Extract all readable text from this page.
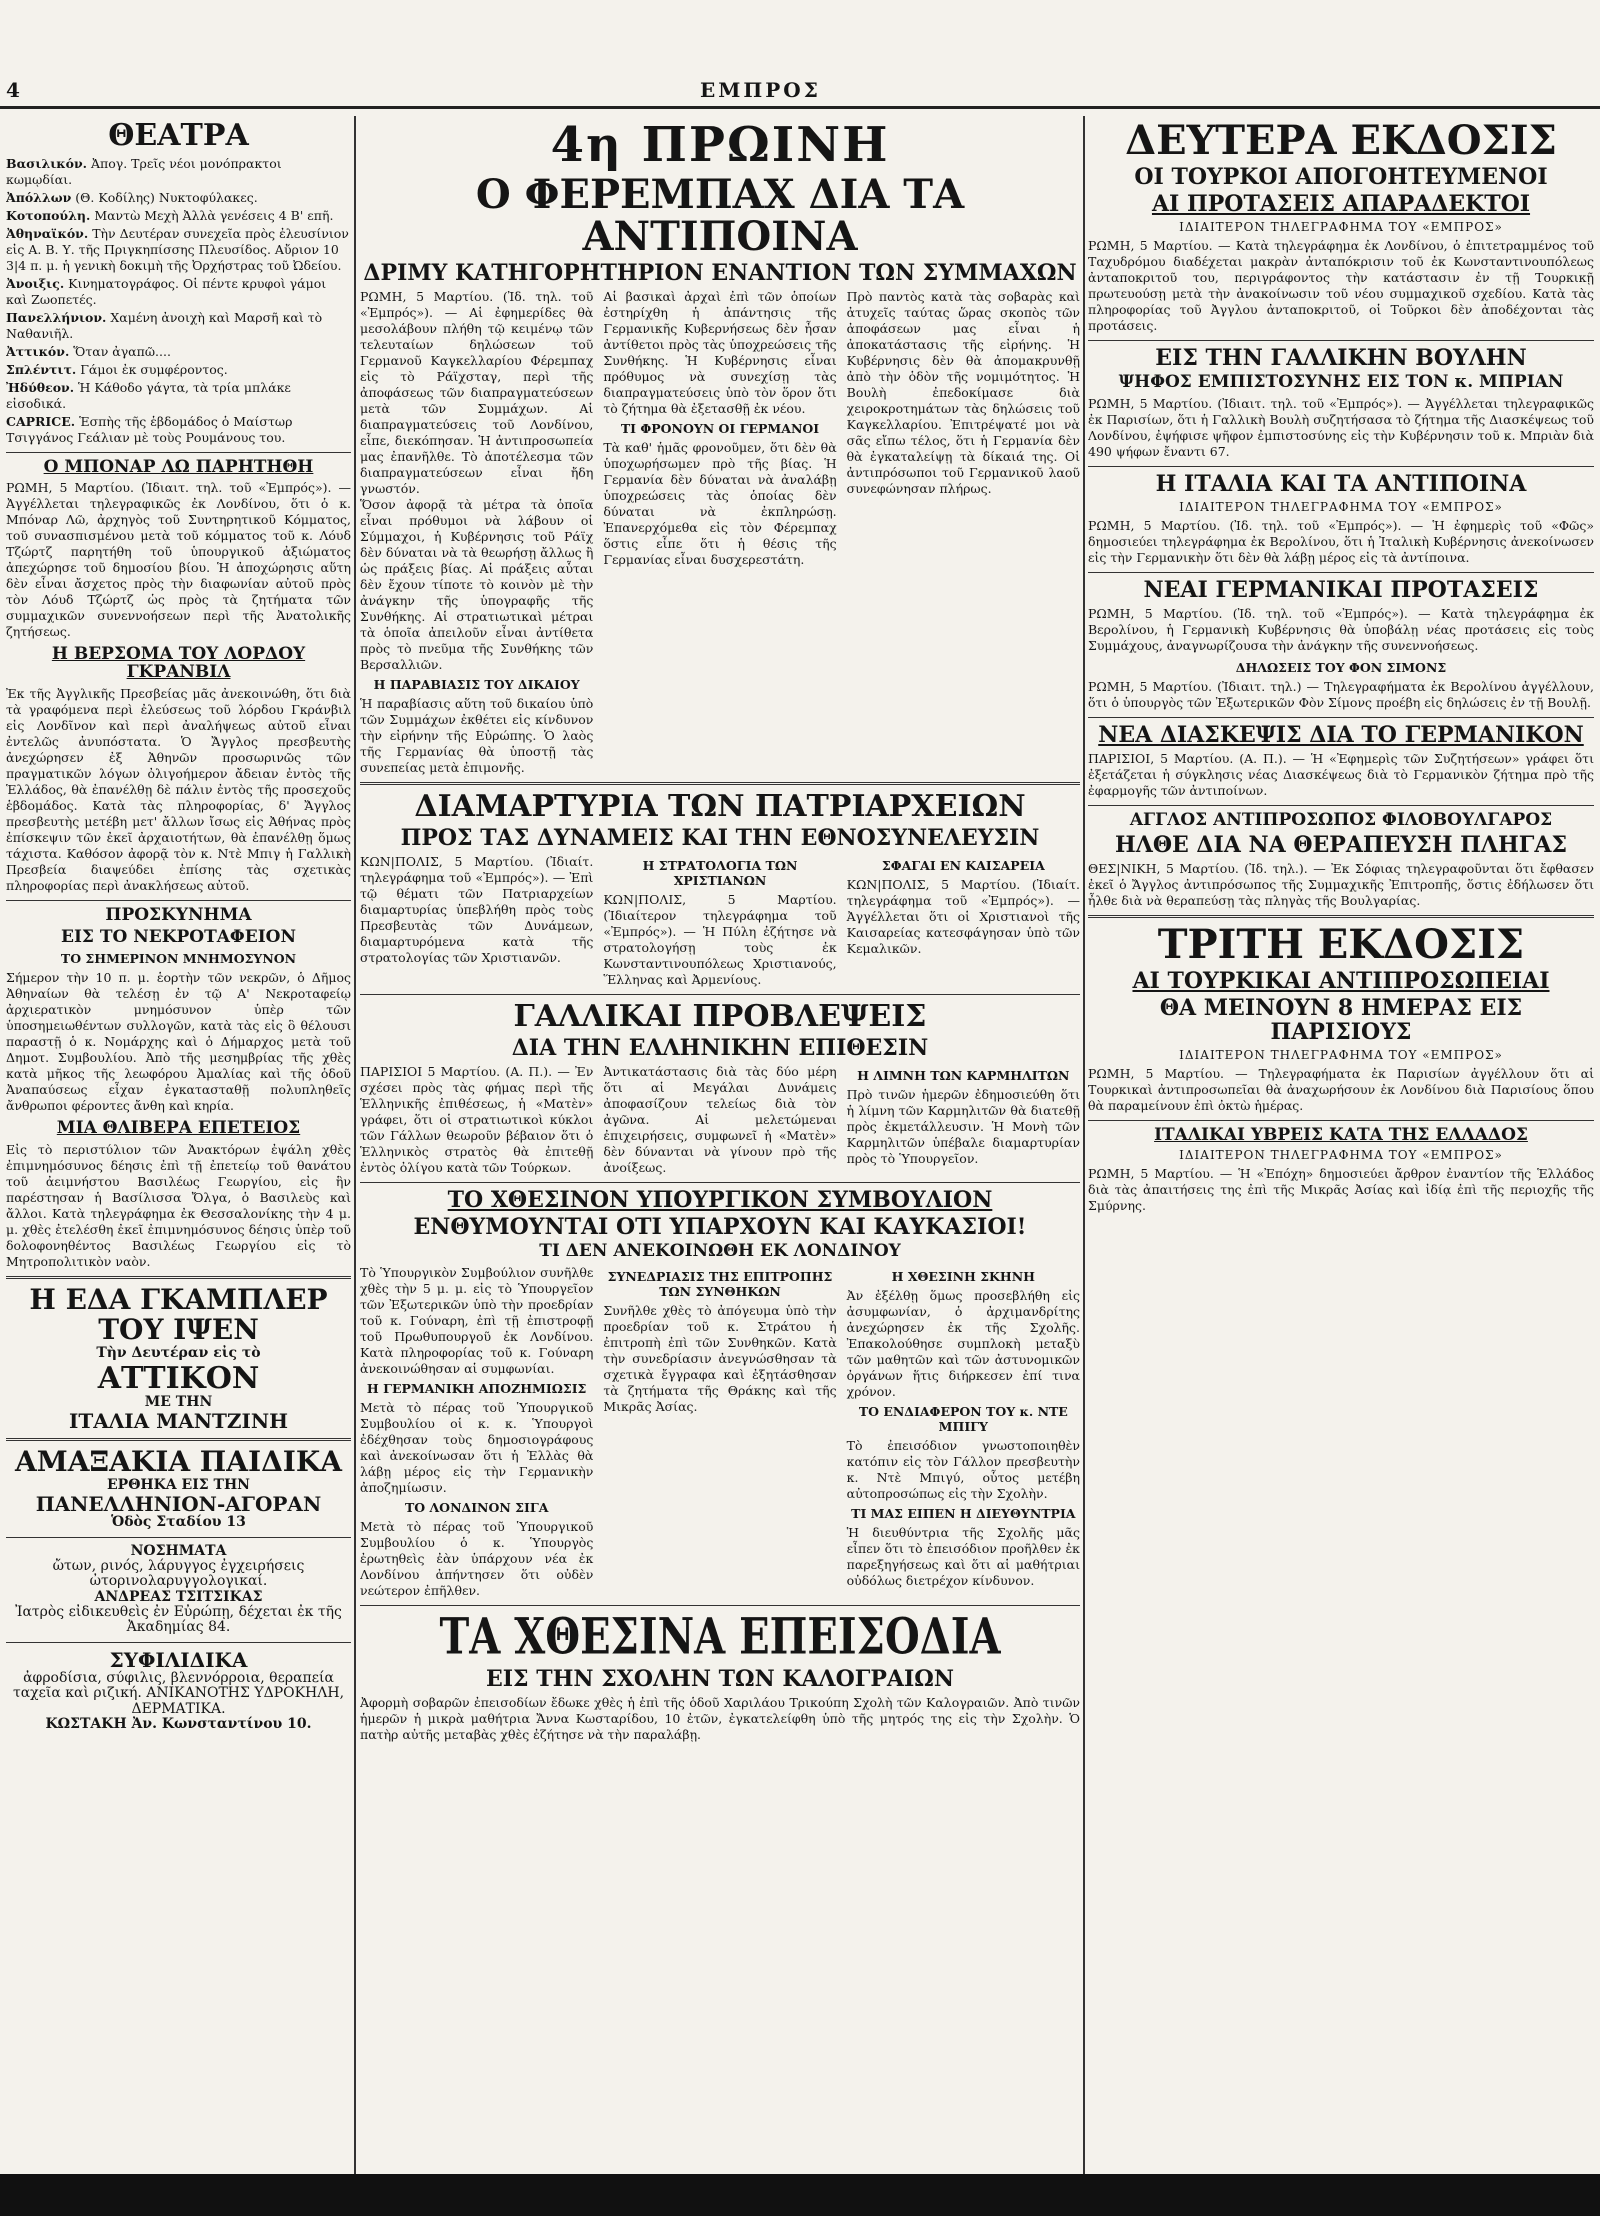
4	ΕΜΠΡΟΣ
ΘΕΑΤΡΑ

Βασιλικόν. Ἀπογ. Τρεῖς νέοι μονόπρακτοι κωμῳδίαι.

Ἀπόλλων (Θ. Κοδίλης) Νυκτοφύλακες.

Κοτοπούλη. Μαντὼ Μεχὴ Ἀλλὰ γενέσεις 4 Β' επῆ.

Ἀθηναϊκόν. Τὴν Δευτέραν συνεχεῖα πρὸς ἐλευσίνιον εἰς Α. Β. Υ. τῆς Πριγκηπίσσης Πλευσίδος. Αὔριον 10 3|4 π. μ. ἡ γενικὴ δοκιμὴ τῆς Ὀρχήστρας τοῦ Ὠδείου.

Ἀνοιξις. Κινηματογράφος. Οἱ πέντε κρυφοὶ γάμοι καὶ Ζωοπετές.

Πανελλήνιον. Χαμένη ἀνοιχὴ καὶ Μαρσῆ καὶ τὸ Ναθανιῆλ.

Ἀττικόν. Ὅταν ἀγαπῶ....

Σπλέντιτ. Γάμοι ἐκ συμφέροντος.

Ἠδύθεον. Ἡ Κάθοδο γάγτα, τὰ τρία μπλάκε εἰσοδικά.

CAPRICE. Ἑσπὴς τῆς ἑβδομάδος ὁ Μαίστωρ Τσιγγάνος Γεάλιαν μὲ τοὺς Ρουμάνους του.

Ο ΜΠΟΝΑΡ ΛΩ ΠΑΡΗΤΗΘΗ

ΡΩΜΗ, 5 Μαρτίου. (Ἰδιαιτ. τηλ. τοῦ «Ἐμπρός»). — Ἀγγέλλεται τηλεγραφικῶς ἐκ Λονδίνου, ὅτι ὁ κ. Μπόναρ Λῶ, ἀρχηγὸς τοῦ Συντηρητικοῦ Κόμματος, τοῦ συνασπισμένου μετὰ τοῦ κόμματος τοῦ κ. Λόυδ Τζώρτζ παρητήθη τοῦ ὑπουργικοῦ ἀξιώματος ἀπεχώρησε τοῦ δημοσίου βίου. Ἡ ἀποχώρησις αὕτη δὲν εἶναι ἄσχετος πρὸς τὴν διαφωνίαν αὐτοῦ πρὸς τὸν Λόυδ Τζώρτζ ὡς πρὸς τὰ ζητήματα τῶν συμμαχικῶν συνεννοήσεων περὶ τῆς Ἀνατολικῆς ζητήσεως.

Η ΒΕΡΣΟΜΑ ΤΟΥ ΛΟΡΔΟΥ ΓΚΡΑΝΒΙΛ

Ἐκ τῆς Ἀγγλικῆς Πρεσβείας μᾶς ἀνεκοινώθη, ὅτι διὰ τὰ γραφόμενα περὶ ἐλεύσεως τοῦ λόρδου Γκράνβιλ εἰς Λονδῖνον καὶ περὶ ἀναλήψεως αὐτοῦ εἶναι ἐντελῶς ἀνυπόστατα. Ὁ Ἄγγλος πρεσβευτὴς ἀνεχώρησεν ἐξ Ἀθηνῶν προσωρινῶς τῶν πραγματικῶν λόγων ὀλιγοήμερον ἄδειαν ἐντὸς τῆς Ἑλλάδος, θὰ ἐπανέλθῃ δὲ πάλιν ἐντὸς τῆς προσεχοῦς ἑβδομάδος. Κατὰ τὰς πληροφορίας, δ' Ἄγγλος πρεσβευτὴς μετέβη μετ' ἄλλων ἴσως εἰς Ἀθήνας πρὸς ἐπίσκεψιν τῶν ἐκεῖ ἀρχαιοτήτων, θὰ ἐπανέλθῃ ὅμως τάχιστα. Καθόσον ἀφορᾷ τὸν κ. Ντὲ Μπιγ ἡ Γαλλικὴ Πρεσβεία διαψεύδει ἐπίσης τὰς σχετικὰς πληροφορίας περὶ ἀνακλήσεως αὐτοῦ.

ΠΡΟΣΚΥΝΗΜΑ
ΕΙΣ ΤΟ ΝΕΚΡΟΤΑΦΕΙΟΝ
ΤΟ ΣΗΜΕΡΙΝΟΝ ΜΝΗΜΟΣΥΝΟΝ

Σήμερον τὴν 10 π. μ. ἑορτὴν τῶν νεκρῶν, ὁ Δῆμος Ἀθηναίων θὰ τελέσῃ ἐν τῷ Α' Νεκροταφείῳ ἀρχιερατικὸν μνημόσυνον ὑπὲρ τῶν ὑποσημειωθέντων συλλογῶν, κατὰ τὰς εἰς ὃ θέλουσι παραστῇ ὁ κ. Νομάρχης καὶ ὁ Δήμαρχος μετὰ τοῦ Δημοτ. Συμβουλίου. Ἀπὸ τῆς μεσημβρίας τῆς χθὲς κατὰ μῆκος τῆς λεωφόρου Ἀμαλίας καὶ τῆς ὁδοῦ Ἀναπαύσεως εἶχαν ἐγκατασταθῇ πολυπληθεῖς ἄνθρωποι φέροντες ἄνθη καὶ κηρία.

ΜΙΑ ΘΛΙΒΕΡΑ ΕΠΕΤΕΙΟΣ

Εἰς τὸ περιστύλιον τῶν Ἀνακτόρων ἐψάλη χθὲς ἐπιμνημόσυνος δέησις ἐπὶ τῇ ἐπετείῳ τοῦ θανάτου τοῦ ἀειμνήστου Βασιλέως Γεωργίου, εἰς ἣν παρέστησαν ἡ Βασίλισσα Ὄλγα, ὁ Βασιλεὺς καὶ ἄλλοι. Κατὰ τηλεγράφημα ἐκ Θεσσαλονίκης τὴν 4 μ. μ. χθὲς ἐτελέσθη ἐκεῖ ἐπιμνημόσυνος δέησις ὑπὲρ τοῦ δολοφονηθέντος Βασιλέως Γεωργίου εἰς τὸ Μητροπολιτικὸν ναὸν.

Η ΕΔΑ ΓΚΑΜΠΛΕΡ
ΤΟΥ ΙΨΕΝ
Τὴν Δευτέραν εἰς τὸ
ΑΤΤΙΚΟΝ
ΜΕ ΤΗΝ
ΙΤΑΛΙΑ ΜΑΝΤΖΙΝΗ
ΑΜΑΞΑΚΙΑ ΠΑΙΔΙΚΑ
ΕΡΘΗΚΑ ΕΙΣ ΤΗΝ
ΠΑΝΕΛΛΗΝΙΟΝ-ΑΓΟΡΑΝ
Ὁδὸς Σταδίου 13
ΝΟΣΗΜΑΤΑ
ὤτων, ρινός, λάρυγγος ἐγχειρήσεις ὠτορινολαρυγγολογικαί.
ΑΝΔΡΕΑΣ ΤΣΙΤΣΙΚΑΣ
Ἰατρὸς εἰδικευθεὶς ἐν Εὐρώπῃ, δέχεται ἐκ τῆς Ἀκαδημίας 84.
ΣΥΦΙΛΙΔΙΚΑ
ἀφροδίσια, σύφιλις, βλεννόρροια, θεραπεία ταχεῖα καὶ ριζική. ΑΝΙΚΑΝΟΤΗΣ ΥΔΡΟΚΗΛΗ, ΔΕΡΜΑΤΙΚΑ.
ΚΩΣΤΑΚΗ Ἀν. Κωνσταντίνου 10.
4η ΠΡΩΙΝΗ
Ο ΦΕΡΕΜΠΑΧ ΔΙΑ ΤΑ ΑΝΤΙΠΟΙΝΑ
ΔΡΙΜΥ ΚΑΤΗΓΟΡΗΤΗΡΙΟΝ ΕΝΑΝΤΙΟΝ ΤΩΝ ΣΥΜΜΑΧΩΝ

ΡΩΜΗ, 5 Μαρτίου. (Ἰδ. τηλ. τοῦ «Ἐμπρός»). — Αἱ ἐφημερίδες θὰ μεσολάβουν πλήθη τῷ κειμένῳ τῶν τελευταίων δηλώσεων τοῦ Γερμανοῦ Καγκελλαρίου Φέρεμπαχ εἰς τὸ Ράϊχσταγ, περὶ τῆς ἀποφάσεως τῶν διαπραγματεύσεων μετὰ τῶν Συμμάχων. Αἱ διαπραγματεύσεις τοῦ Λονδίνου, εἶπε, διεκόπησαν. Ἡ ἀντιπροσωπεία μας ἐπανῆλθε. Τὸ ἀποτέλεσμα τῶν διαπραγματεύσεων εἶναι ἤδη γνωστόν.

Ὅσον ἀφορᾷ τὰ μέτρα τὰ ὁποῖα εἶναι πρόθυμοι νὰ λάβουν οἱ Σύμμαχοι, ἡ Κυβέρνησις τοῦ Ράϊχ δὲν δύναται νὰ τὰ θεωρήσῃ ἄλλως ἢ ὡς πράξεις βίας. Αἱ πράξεις αὗται δὲν ἔχουν τίποτε τὸ κοινὸν μὲ τὴν ἀνάγκην τῆς ὑπογραφῆς τῆς Συνθήκης. Αἱ στρατιωτικαὶ μέτραι τὰ ὁποῖα ἀπειλοῦν εἶναι ἀντίθετα πρὸς τὸ πνεῦμα τῆς Συνθήκης τῶν Βερσαλλιῶν.

Η ΠΑΡΑΒΙΑΣΙΣ ΤΟΥ ΔΙΚΑΙΟΥ

Ἡ παραβίασις αὕτη τοῦ δικαίου ὑπὸ τῶν Συμμάχων ἐκθέτει εἰς κίνδυνον τὴν εἰρήνην τῆς Εὐρώπης. Ὁ λαὸς τῆς Γερμανίας θὰ ὑποστῇ τὰς συνεπείας μετὰ ἐπιμονῆς.

Αἱ βασικαὶ ἀρχαὶ ἐπὶ τῶν ὁποίων ἐστηρίχθη ἡ ἀπάντησις τῆς Γερμανικῆς Κυβερνήσεως δὲν ἦσαν ἀντίθετοι πρὸς τὰς ὑποχρεώσεις τῆς Συνθήκης. Ἡ Κυβέρνησις εἶναι πρόθυμος νὰ συνεχίσῃ τὰς διαπραγματεύσεις ὑπὸ τὸν ὅρον ὅτι τὸ ζήτημα θὰ ἐξετασθῇ ἐκ νέου.

ΤΙ ΦΡΟΝΟΥΝ ΟΙ ΓΕΡΜΑΝΟΙ

Τὰ καθ' ἡμᾶς φρονοῦμεν, ὅτι δὲν θὰ ὑποχωρήσωμεν πρὸ τῆς βίας. Ἡ Γερμανία δὲν δύναται νὰ ἀναλάβῃ ὑποχρεώσεις τὰς ὁποίας δὲν δύναται νὰ ἐκπληρώσῃ. Ἐπανερχόμεθα εἰς τὸν Φέρεμπαχ ὅστις εἶπε ὅτι ἡ θέσις τῆς Γερμανίας εἶναι δυσχερεστάτη.

Πρὸ παντὸς κατὰ τὰς σοβαρὰς καὶ ἀτυχεῖς ταύτας ὥρας σκοπὸς τῶν ἀποφάσεων μας εἶναι ἡ ἀποκατάστασις τῆς εἰρήνης. Ἡ Κυβέρνησις δὲν θὰ ἀπομακρυνθῇ ἀπὸ τὴν ὁδὸν τῆς νομιμότητος. Ἡ Βουλὴ ἐπεδοκίμασε διὰ χειροκροτημάτων τὰς δηλώσεις τοῦ Καγκελλαρίου. Ἐπιτρέψατέ μοι νὰ σᾶς εἴπω τέλος, ὅτι ἡ Γερμανία δὲν θὰ ἐγκαταλείψῃ τὰ δίκαιά της. Οἱ ἀντιπρόσωποι τοῦ Γερμανικοῦ λαοῦ συνεφώνησαν πλήρως.

ΔΙΑΜΑΡΤΥΡΙΑ ΤΩΝ ΠΑΤΡΙΑΡΧΕΙΩΝ
ΠΡΟΣ ΤΑΣ ΔΥΝΑΜΕΙΣ ΚΑΙ ΤΗΝ ΕΘΝΟΣΥΝΕΛΕΥΣΙΝ

ΚΩΝ|ΠΟΛΙΣ, 5 Μαρτίου. (Ἰδιαίτ. τηλεγράφημα τοῦ «Ἐμπρός»). — Ἐπὶ τῷ θέματι τῶν Πατριαρχείων διαμαρτυρίας ὑπεβλήθη πρὸς τοὺς Πρεσβευτὰς τῶν Δυνάμεων, διαμαρτυρόμενα κατὰ τῆς στρατολογίας τῶν Χριστιανῶν.

Η ΣΤΡΑΤΟΛΟΓΙΑ ΤΩΝ ΧΡΙΣΤΙΑΝΩΝ

ΚΩΝ|ΠΟΛΙΣ, 5 Μαρτίου. (Ἰδιαίτερον τηλεγράφημα τοῦ «Ἐμπρός»). — Ἡ Πύλη ἐζήτησε νὰ στρατολογήσῃ τοὺς ἐκ Κωνσταντινουπόλεως Χριστιανούς, Ἕλληνας καὶ Ἀρμενίους.

ΣΦΑΓΑΙ ΕΝ ΚΑΙΣΑΡΕΙΑ

ΚΩΝ|ΠΟΛΙΣ, 5 Μαρτίου. (Ἰδιαίτ. τηλεγράφημα τοῦ «Ἐμπρός»). — Ἀγγέλλεται ὅτι οἱ Χριστιανοὶ τῆς Καισαρείας κατεσφάγησαν ὑπὸ τῶν Κεμαλικῶν.

ΓΑΛΛΙΚΑΙ ΠΡΟΒΛΕΨΕΙΣ
ΔΙΑ ΤΗΝ ΕΛΛΗΝΙΚΗΝ ΕΠΙΘΕΣΙΝ

ΠΑΡΙΣΙΟΙ 5 Μαρτίου. (Α. Π.). — Ἐν σχέσει πρὸς τὰς φήμας περὶ τῆς Ἑλληνικῆς ἐπιθέσεως, ἡ «Ματὲν» γράφει, ὅτι οἱ στρατιωτικοὶ κύκλοι τῶν Γάλλων θεωροῦν βέβαιον ὅτι ὁ Ἑλληνικὸς στρατὸς θὰ ἐπιτεθῇ ἐντὸς ὀλίγου κατὰ τῶν Τούρκων.

Ἀντικατάστασις διὰ τὰς δύο μέρη ὅτι αἱ Μεγάλαι Δυνάμεις ἀποφασίζουν τελείως διὰ τὸν ἀγῶνα. Αἱ μελετώμεναι ἐπιχειρήσεις, συμφωνεῖ ἡ «Ματὲν» δὲν δύνανται νὰ γίνουν πρὸ τῆς ἀνοίξεως.

Η ΛΙΜΝΗ ΤΩΝ ΚΑΡΜΗΛΙΤΩΝ

Πρὸ τινῶν ἡμερῶν ἐδημοσιεύθη ὅτι ἡ λίμνη τῶν Καρμηλιτῶν θὰ διατεθῇ πρὸς ἐκμετάλλευσιν. Ἡ Μονὴ τῶν Καρμηλιτῶν ὑπέβαλε διαμαρτυρίαν πρὸς τὸ Ὑπουργεῖον.

ΤΟ ΧΘΕΣΙΝΟΝ ΥΠΟΥΡΓΙΚΟΝ ΣΥΜΒΟΥΛΙΟΝ
ΕΝΘΥΜΟΥΝΤΑΙ ΟΤΙ ΥΠΑΡΧΟΥΝ ΚΑΙ ΚΑΥΚΑΣΙΟΙ!
ΤΙ ΔΕΝ ΑΝΕΚΟΙΝΩΘΗ ΕΚ ΛΟΝΔΙΝΟΥ

Τὸ Ὑπουργικὸν Συμβούλιον συνῆλθε χθὲς τὴν 5 μ. μ. εἰς τὸ Ὑπουργεῖον τῶν Ἐξωτερικῶν ὑπὸ τὴν προεδρίαν τοῦ κ. Γούναρη, ἐπὶ τῇ ἐπιστροφῇ τοῦ Πρωθυπουργοῦ ἐκ Λονδίνου. Κατὰ πληροφορίας τοῦ κ. Γούναρη ἀνεκοινώθησαν αἱ συμφωνίαι.

Η ΓΕΡΜΑΝΙΚΗ ΑΠΟΖΗΜΙΩΣΙΣ

Μετὰ τὸ πέρας τοῦ Ὑπουργικοῦ Συμβουλίου οἱ κ. κ. Ὑπουργοὶ ἐδέχθησαν τοὺς δημοσιογράφους καὶ ἀνεκοίνωσαν ὅτι ἡ Ἑλλὰς θὰ λάβῃ μέρος εἰς τὴν Γερμανικὴν ἀποζημίωσιν.

ΤΟ ΛΟΝΔΙΝΟΝ ΣΙΓΑ

Μετὰ τὸ πέρας τοῦ Ὑπουργικοῦ Συμβουλίου ὁ κ. Ὑπουργὸς ἐρωτηθεὶς ἐὰν ὑπάρχουν νέα ἐκ Λονδίνου ἀπήντησεν ὅτι οὐδὲν νεώτερον ἐπῆλθεν.

ΣΥΝΕΔΡΙΑΣΙΣ ΤΗΣ ΕΠΙΤΡΟΠΗΣ ΤΩΝ ΣΥΝΘΗΚΩΝ

Συνῆλθε χθὲς τὸ ἀπόγευμα ὑπὸ τὴν προεδρίαν τοῦ κ. Στράτου ἡ ἐπιτροπὴ ἐπὶ τῶν Συνθηκῶν. Κατὰ τὴν συνεδρίασιν ἀνεγνώσθησαν τὰ σχετικὰ ἔγγραφα καὶ ἐξητάσθησαν τὰ ζητήματα τῆς Θράκης καὶ τῆς Μικρᾶς Ἀσίας.

Η ΧΘΕΣΙΝΗ ΣΚΗΝΗ

Ἀν ἐξέλθῃ ὅμως προσεβλήθη εἰς ἀσυμφωνίαν, ὁ ἀρχιμανδρίτης ἀνεχώρησεν ἐκ τῆς Σχολῆς. Ἐπακολούθησε συμπλοκὴ μεταξὺ τῶν μαθητῶν καὶ τῶν ἀστυνομικῶν ὀργάνων ἥτις διήρκεσεν ἐπί τινα χρόνον.

ΤΟ ΕΝΔΙΑΦΕΡΟΝ ΤΟΥ κ. ΝΤΕ ΜΠΙΓΥ

Τὸ ἐπεισόδιον γνωστοποιηθὲν κατόπιν εἰς τὸν Γάλλον πρεσβευτὴν κ. Ντὲ Μπιγύ, οὗτος μετέβη αὐτοπροσώπως εἰς τὴν Σχολὴν.

ΤΙ ΜΑΣ ΕΙΠΕΝ Η ΔΙΕΥΘΥΝΤΡΙΑ

Ἡ διευθύντρια τῆς Σχολῆς μᾶς εἶπεν ὅτι τὸ ἐπεισόδιον προῆλθεν ἐκ παρεξηγήσεως καὶ ὅτι αἱ μαθήτριαι οὐδόλως διετρέχον κίνδυνον.

ΤΑ ΧΘΕΣΙΝΑ ΕΠΕΙΣΟΔΙΑ
ΕΙΣ ΤΗΝ ΣΧΟΛΗΝ ΤΩΝ ΚΑΛΟΓΡΑΙΩΝ

Ἀφορμὴ σοβαρῶν ἐπεισοδίων ἔδωκε χθὲς ἡ ἐπὶ τῆς ὁδοῦ Χαριλάου Τρικούπη Σχολὴ τῶν Καλογραιῶν. Ἀπὸ τινῶν ἡμερῶν ἡ μικρὰ μαθήτρια Ἄννα Κωσταρίδου, 10 ἐτῶν, ἐγκατελείφθη ὑπὸ τῆς μητρός της εἰς τὴν Σχολὴν. Ὁ πατὴρ αὐτῆς μεταβὰς χθὲς ἐζήτησε νὰ τὴν παραλάβῃ.

ΔΕΥΤΕΡΑ ΕΚΔΟΣΙΣ
ΟΙ ΤΟΥΡΚΟΙ ΑΠΟΓΟΗΤΕΥΜΕΝΟΙ
ΑΙ ΠΡΟΤΑΣΕΙΣ ΑΠΑΡΑΔΕΚΤΟΙ
ΙΔΙΑΙΤΕΡΟΝ ΤΗΛΕΓΡΑΦΗΜΑ ΤΟΥ «ΕΜΠΡΟΣ»

ΡΩΜΗ, 5 Μαρτίου. — Κατὰ τηλεγράφημα ἐκ Λονδίνου, ὁ ἐπιτετραμμένος τοῦ Ταχυδρόμου διαδέχεται μακρὰν ἀνταπόκρισιν τοῦ ἐκ Κωνσταντινουπόλεως ἀνταποκριτοῦ του, περιγράφοντος τὴν κατάστασιν ἐν τῇ Τουρκικῇ πρωτευούσῃ μετὰ τὴν ἀνακοίνωσιν τοῦ νέου συμμαχικοῦ σχεδίου. Κατὰ τὰς πληροφορίας τοῦ Ἀγγλου ἀνταποκριτοῦ, οἱ Τοῦρκοι δὲν ἀποδέχονται τὰς προτάσεις.

ΕΙΣ ΤΗΝ ΓΑΛΛΙΚΗΝ ΒΟΥΛΗΝ
ΨΗΦΟΣ ΕΜΠΙΣΤΟΣΥΝΗΣ ΕΙΣ ΤΟΝ κ. ΜΠΡΙΑΝ

ΡΩΜΗ, 5 Μαρτίου. (Ἰδιαιτ. τηλ. τοῦ «Ἐμπρός»). — Ἀγγέλλεται τηλεγραφικῶς ἐκ Παρισίων, ὅτι ἡ Γαλλικὴ Βουλὴ συζητήσασα τὸ ζήτημα τῆς Διασκέψεως τοῦ Λονδίνου, ἐψήφισε ψῆφον ἐμπιστοσύνης εἰς τὴν Κυβέρνησιν τοῦ κ. Μπριὰν διὰ 490 ψήφων ἔναντι 67.

Η ΙΤΑΛΙΑ ΚΑΙ ΤΑ ΑΝΤΙΠΟΙΝΑ
ΙΔΙΑΙΤΕΡΟΝ ΤΗΛΕΓΡΑΦΗΜΑ ΤΟΥ «ΕΜΠΡΟΣ»

ΡΩΜΗ, 5 Μαρτίου. (Ἰδ. τηλ. τοῦ «Ἐμπρός»). — Ἡ ἐφημερὶς τοῦ «Φῶς» δημοσιεύει τηλεγράφημα ἐκ Βερολίνου, ὅτι ἡ Ἰταλικὴ Κυβέρνησις ἀνεκοίνωσεν εἰς τὴν Γερμανικὴν ὅτι δὲν θὰ λάβῃ μέρος εἰς τὰ ἀντίποινα.

ΝΕΑΙ ΓΕΡΜΑΝΙΚΑΙ ΠΡΟΤΑΣΕΙΣ

ΡΩΜΗ, 5 Μαρτίου. (Ἰδ. τηλ. τοῦ «Ἐμπρός»). — Κατὰ τηλεγράφημα ἐκ Βερολίνου, ἡ Γερμανικὴ Κυβέρνησις θὰ ὑποβάλῃ νέας προτάσεις εἰς τοὺς Συμμάχους, ἀναγνωρίζουσα τὴν ἀνάγκην τῆς συνεννοήσεως.

ΔΗΛΩΣΕΙΣ ΤΟΥ ΦΟΝ ΣΙΜΟΝΣ

ΡΩΜΗ, 5 Μαρτίου. (Ἰδιαιτ. τηλ.) — Τηλεγραφήματα ἐκ Βερολίνου ἀγγέλλουν, ὅτι ὁ ὑπουργὸς τῶν Ἐξωτερικῶν Φὸν Σίμονς προέβη εἰς δηλώσεις ἐν τῇ Βουλῇ.

ΝΕΑ ΔΙΑΣΚΕΨΙΣ ΔΙΑ ΤΟ ΓΕΡΜΑΝΙΚΟΝ

ΠΑΡΙΣΙΟΙ, 5 Μαρτίου. (Α. Π.). — Ἡ «Ἐφημερὶς τῶν Συζητήσεων» γράφει ὅτι ἐξετάζεται ἡ σύγκλησις νέας Διασκέψεως διὰ τὸ Γερμανικὸν ζήτημα πρὸ τῆς ἐφαρμογῆς τῶν ἀντιποίνων.

ΑΓΓΛΟΣ ΑΝΤΙΠΡΟΣΩΠΟΣ ΦΙΛΟΒΟΥΛΓΑΡΟΣ
ΗΛΘΕ ΔΙΑ ΝΑ ΘΕΡΑΠΕΥΣΗ ΠΛΗΓΑΣ

ΘΕΣ|ΝΙΚΗ, 5 Μαρτίου. (Ἰδ. τηλ.). — Ἐκ Σόφιας τηλεγραφοῦνται ὅτι ἔφθασεν ἐκεῖ ὁ Ἄγγλος ἀντιπρόσωπος τῆς Συμμαχικῆς Ἐπιτροπῆς, ὅστις ἐδήλωσεν ὅτι ἦλθε διὰ νὰ θεραπεύσῃ τὰς πληγὰς τῆς Βουλγαρίας.

ΤΡΙΤΗ ΕΚΔΟΣΙΣ
ΑΙ ΤΟΥΡΚΙΚΑΙ ΑΝΤΙΠΡΟΣΩΠΕΙΑΙ
ΘΑ ΜΕΙΝΟΥΝ 8 ΗΜΕΡΑΣ ΕΙΣ ΠΑΡΙΣΙΟΥΣ
ΙΔΙΑΙΤΕΡΟΝ ΤΗΛΕΓΡΑΦΗΜΑ ΤΟΥ «ΕΜΠΡΟΣ»

ΡΩΜΗ, 5 Μαρτίου. — Τηλεγραφήματα ἐκ Παρισίων ἀγγέλλουν ὅτι αἱ Τουρκικαὶ ἀντιπροσωπεῖαι θὰ ἀναχωρήσουν ἐκ Λονδίνου διὰ Παρισίους ὅπου θὰ παραμείνουν ἐπὶ ὀκτὼ ἡμέρας.

ΙΤΑΛΙΚΑΙ ΥΒΡΕΙΣ ΚΑΤΑ ΤΗΣ ΕΛΛΑΔΟΣ
ΙΔΙΑΙΤΕΡΟΝ ΤΗΛΕΓΡΑΦΗΜΑ ΤΟΥ «ΕΜΠΡΟΣ»

ΡΩΜΗ, 5 Μαρτίου. — Ἡ «Ἐπόχη» δημοσιεύει ἄρθρον ἐναντίον τῆς Ἑλλάδος διὰ τὰς ἀπαιτήσεις της ἐπὶ τῆς Μικρᾶς Ἀσίας καὶ ἰδίᾳ ἐπὶ τῆς περιοχῆς τῆς Σμύρνης.
